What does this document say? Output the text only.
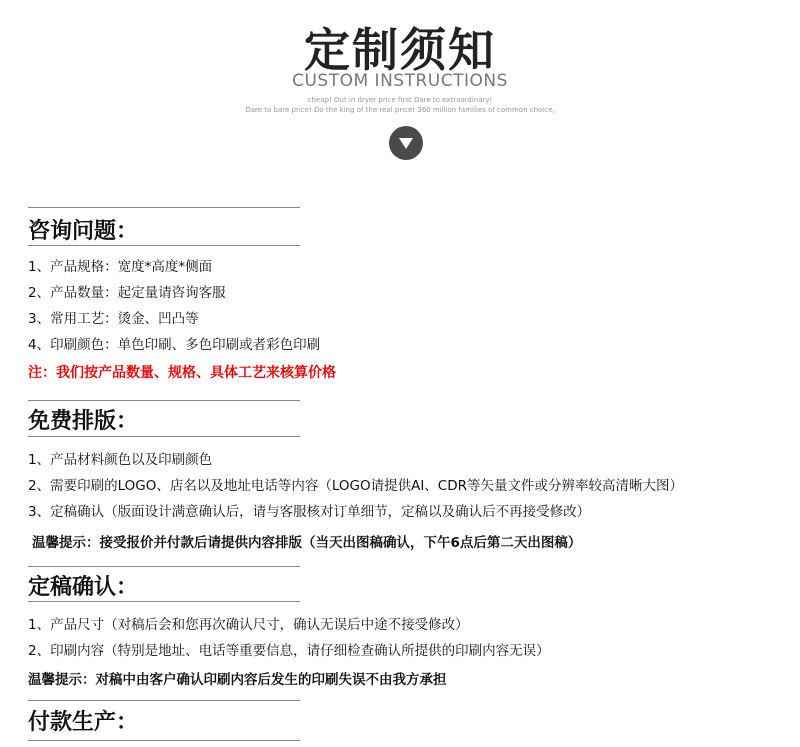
定制须知
CUSTOM INSTRUCTIONS
cheap! Out in dryer price first Dare to extraordinary!
Dare to bare price! Do the king of the real price! 360 million families of common choice,
咨询问题：
1、产品规格：宽度*高度*侧面
2、产品数量：起定量请咨询客服
3、常用工艺：烫金、凹凸等
4、印刷颜色：单色印刷、多色印刷或者彩色印刷
注：我们按产品数量、规格、具体工艺来核算价格
免费排版：
1、产品材料颜色以及印刷颜色
2、需要印刷的LOGO、店名以及地址电话等内容（LOGO请提供AI、CDR等矢量文件或分辨率较高清晰大图）
3、定稿确认（版面设计满意确认后，请与客服核对订单细节，定稿以及确认后不再接受修改）
温馨提示：接受报价并付款后请提供内容排版（当天出图稿确认，下午6点后第二天出图稿）
定稿确认：
1、产品尺寸（对稿后会和您再次确认尺寸，确认无误后中途不接受修改）
2、印刷内容（特别是地址、电话等重要信息，请仔细检查确认所提供的印刷内容无误）
温馨提示：对稿中由客户确认印刷内容后发生的印刷失误不由我方承担
付款生产：
